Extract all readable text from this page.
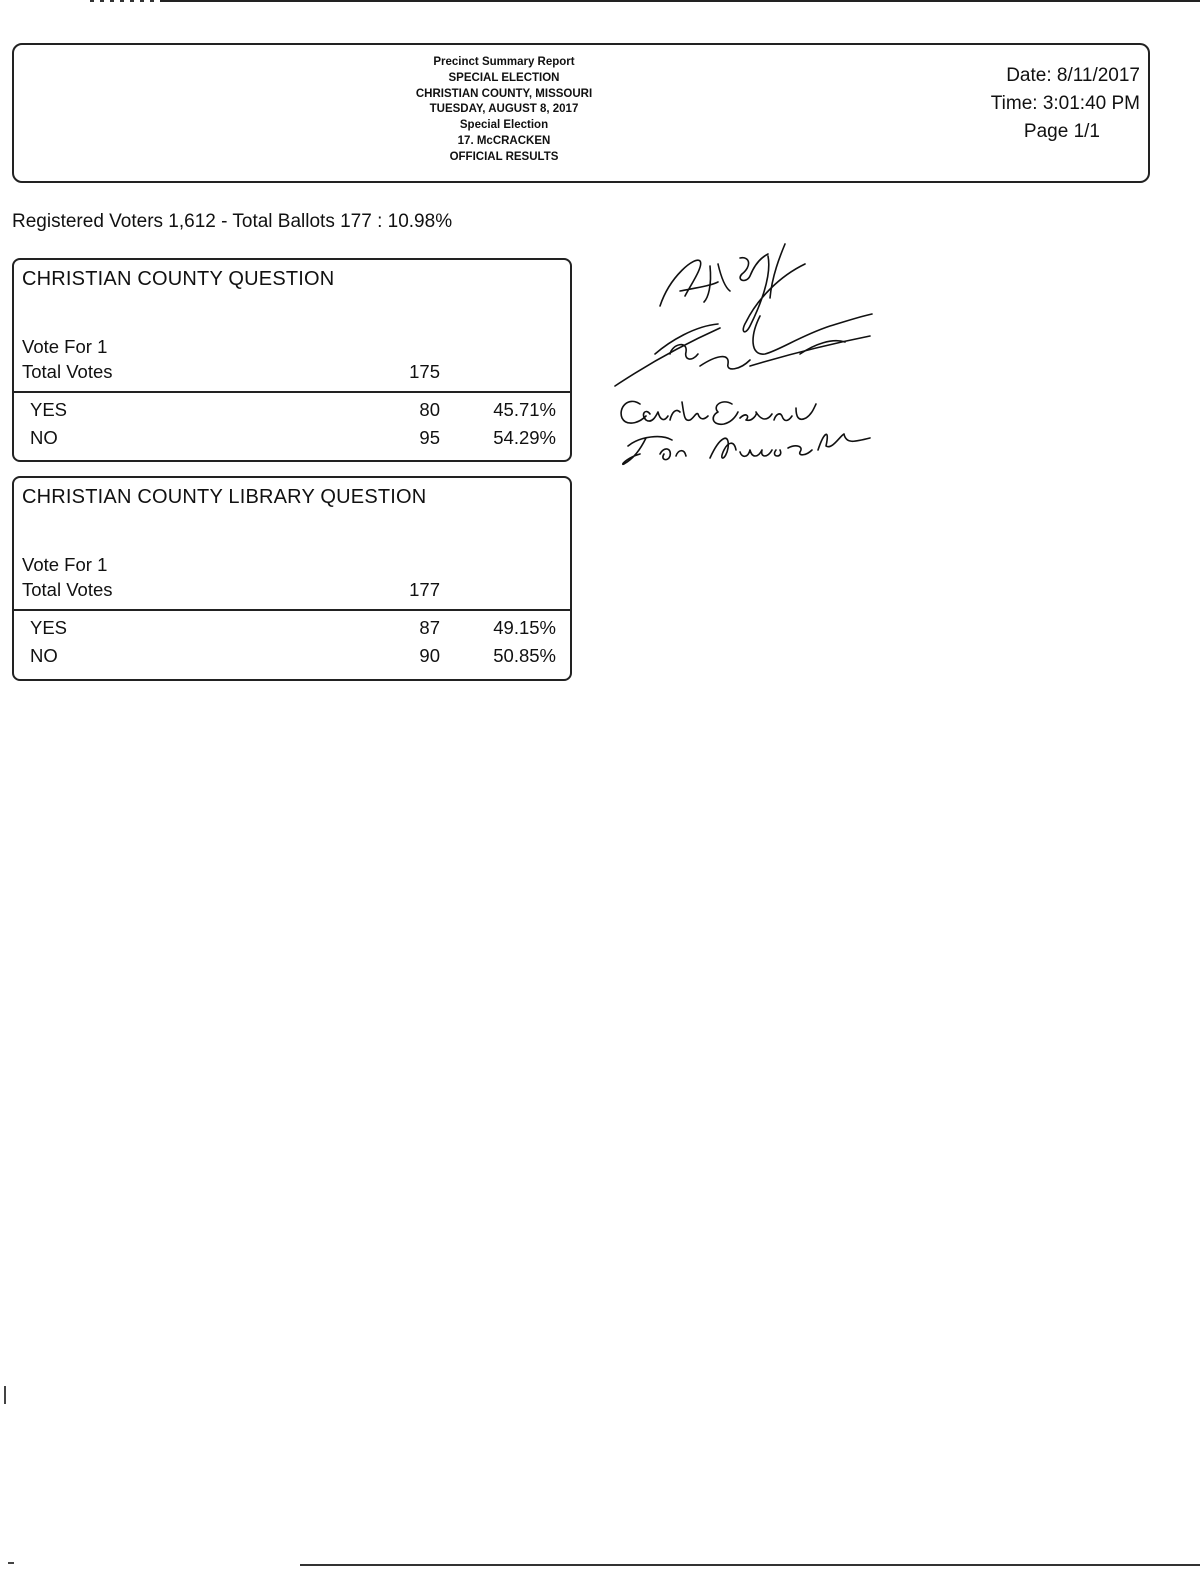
Precinct Summary Report
SPECIAL ELECTION
CHRISTIAN COUNTY, MISSOURI
TUESDAY, AUGUST 8, 2017
Special Election
17. McCRACKEN
OFFICIAL RESULTS
Date: 8/11/2017
Time: 3:01:40 PM
Page 1/1
Registered Voters 1,612 - Total Ballots 177 : 10.98%
CHRISTIAN COUNTY QUESTION
Vote For 1
Total Votes	175
YES	80	45.71%
NO	95	54.29%
CHRISTIAN COUNTY LIBRARY QUESTION
Vote For 1
Total Votes	177
YES	87	49.15%
NO	90	50.85%
